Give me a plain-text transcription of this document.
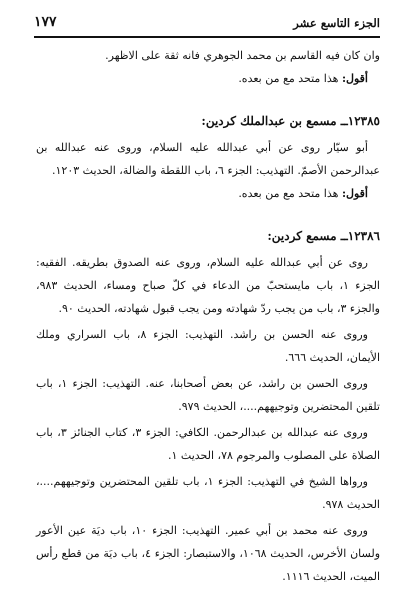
الجزء التاسع عشر
١٧٧

وان كان فيه القاسم بن محمد الجوهري فانه ثقة على الاظهر.

أقول: هذا متحد مع من بعده.

١٢٣٨٥ــ مسمع بن عبدالملك كردين:

أبو سيّار روى عن أبي عبدالله عليه السلام، وروى عنه عبدالله بن عبدالرحمن الأصمّ. التهذيب: الجزء ٦، باب اللقطة والضالة، الحديث ١٢٠٣.

أقول: هذا متحد مع من بعده.

١٢٣٨٦ــ مسمع كردين:

روى عن أبي عبدالله عليه السلام، وروى عنه الصدوق بطريقه. الفقيه: الجزء ١، باب مايستحبّ من الدعاء في كلّ صباح ومساء، الحديث ٩٨٣، والجزء ٣، باب من يجب ردّ شهادته ومن يجب قبول شهادته، الحديث ٩٠.

وروى عنه الحسن بن راشد. التهذيب: الجزء ٨، باب السراري وملك الأيمان، الحديث ٦٦٦.

وروى الحسن بن راشد، عن بعض أصحابنا، عنه. التهذيب: الجزء ١، باب تلقين المحتضرين وتوجيههم....، الحديث ٩٧٩.

وروى عنه عبدالله بن عبدالرحمن. الكافي: الجزء ٣، كتاب الجنائز ٣، باب الصلاة على المصلوب والمرجوم ٧٨، الحديث ١.

ورواها الشيخ في التهذيب: الجزء ١، باب تلقين المحتضرين وتوجيههم....، الحديث ٩٧٨.

وروى عنه محمد بن أبي عمير. التهذيب: الجزء ١٠، باب ديَة عين الأعور ولسان الأخرس، الحديث ١٠٦٨، والاستبصار: الجزء ٤، باب ديَة من قطع رأس الميت، الحديث ١١١٦.
